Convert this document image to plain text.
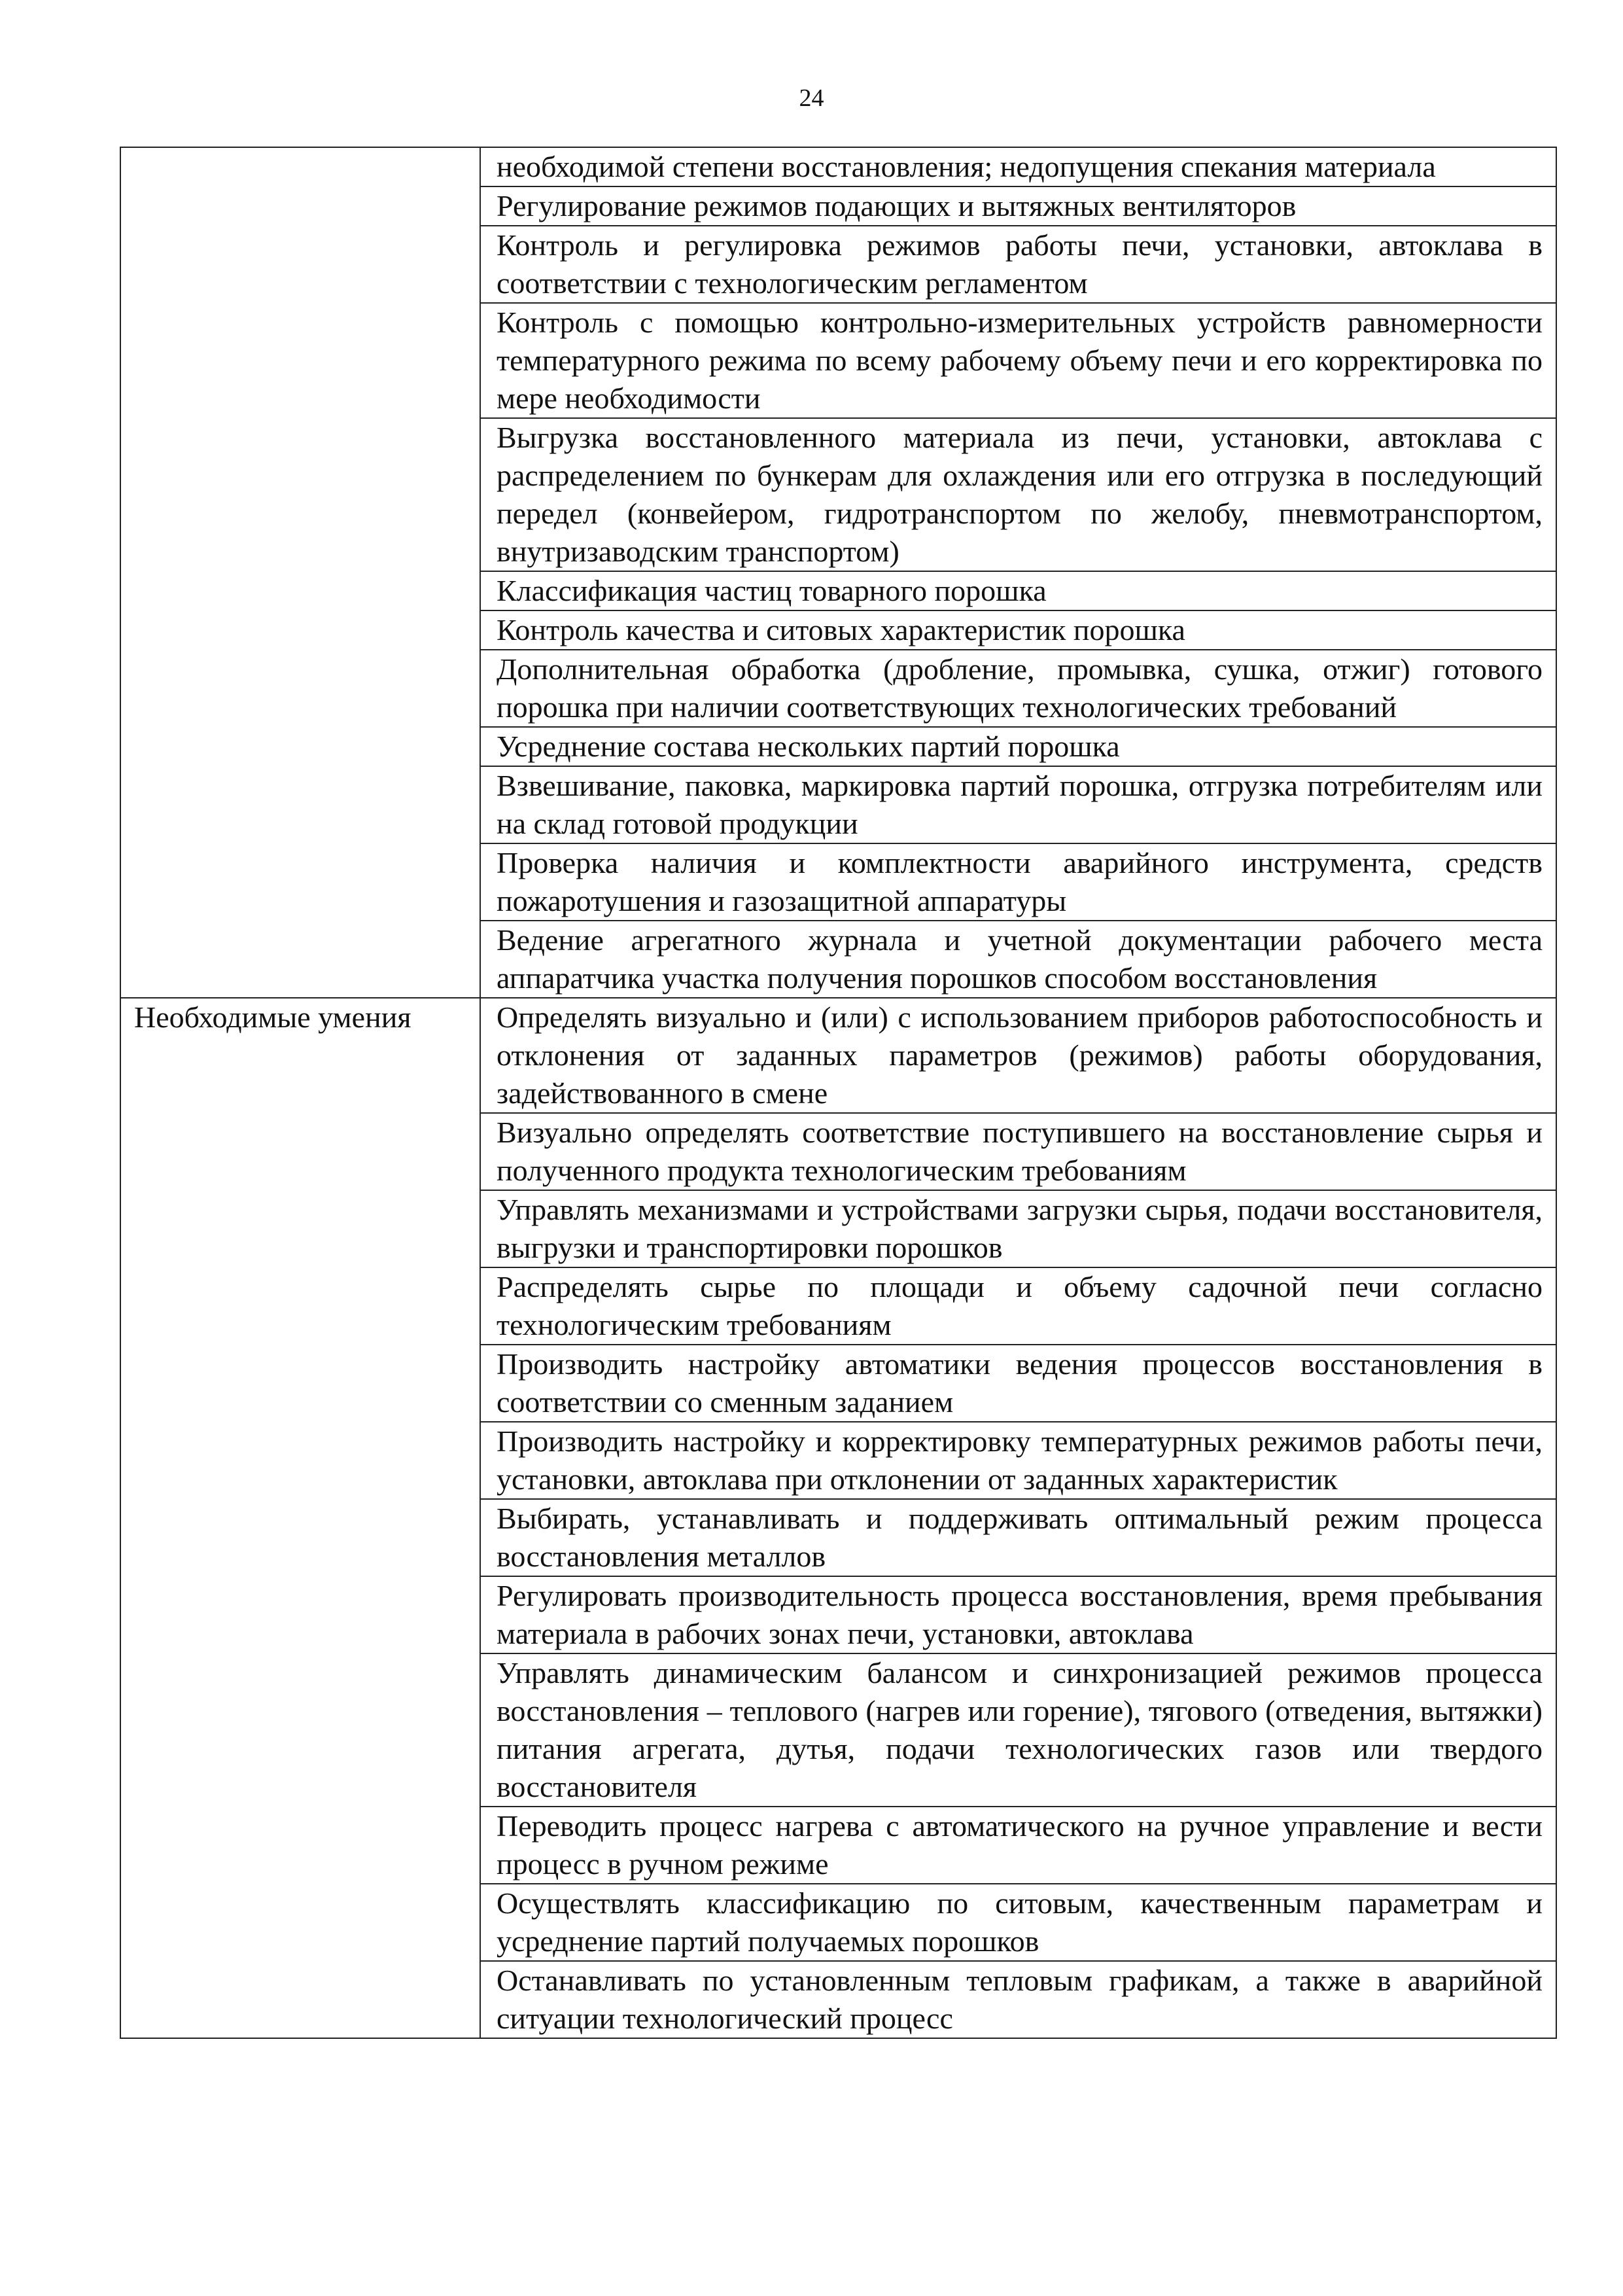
24
	необходимой степени восстановления; недопущения спекания материала
	Регулирование режимов подающих и вытяжных вентиляторов
	Контроль и регулировка режимов работы печи, установки, автоклава в соответствии с технологическим регламентом
	Контроль с помощью контрольно-измерительных устройств равномерности температурного режима по всему рабочему объему печи и его корректировка по мере необходимости
	Выгрузка восстановленного материала из печи, установки, автоклава с распределением по бункерам для охлаждения или его отгрузка в последующий передел (конвейером, гидротранспортом по желобу, пневмотранспортом, внутризаводским транспортом)
	Классификация частиц товарного порошка
	Контроль качества и ситовых характеристик порошка
	Дополнительная обработка (дробление, промывка, сушка, отжиг) готового порошка при наличии соответствующих технологических требований
	Усреднение состава нескольких партий порошка
	Взвешивание, паковка, маркировка партий порошка, отгрузка потребителям или на склад готовой продукции
	Проверка наличия и комплектности аварийного инструмента, средств пожаротушения и газозащитной аппаратуры
	Ведение агрегатного журнала и учетной документации рабочего места аппаратчика участка получения порошков способом восстановления
Необходимые умения	Определять визуально и (или) с использованием приборов работоспособность и отклонения от заданных параметров (режимов) работы оборудования, задействованного в смене
	Визуально определять соответствие поступившего на восстановление сырья и полученного продукта технологическим требованиям
	Управлять механизмами и устройствами загрузки сырья, подачи восстановителя, выгрузки и транспортировки порошков
	Распределять сырье по площади и объему садочной печи согласно технологическим требованиям
	Производить настройку автоматики ведения процессов восстановления в соответствии со сменным заданием
	Производить настройку и корректировку температурных режимов работы печи, установки, автоклава при отклонении от заданных характеристик
	Выбирать, устанавливать и поддерживать оптимальный режим процесса восстановления металлов
	Регулировать производительность процесса восстановления, время пребывания материала в рабочих зонах печи, установки, автоклава
	Управлять динамическим балансом и синхронизацией режимов процесса восстановления – теплового (нагрев или горение), тягового (отведения, вытяжки) питания агрегата, дутья, подачи технологических газов или твердого восстановителя
	Переводить процесс нагрева с автоматического на ручное управление и вести процесс в ручном режиме
	Осуществлять классификацию по ситовым, качественным параметрам и усреднение партий получаемых порошков
	Останавливать по установленным тепловым графикам, а также в аварийной ситуации технологический процесс
